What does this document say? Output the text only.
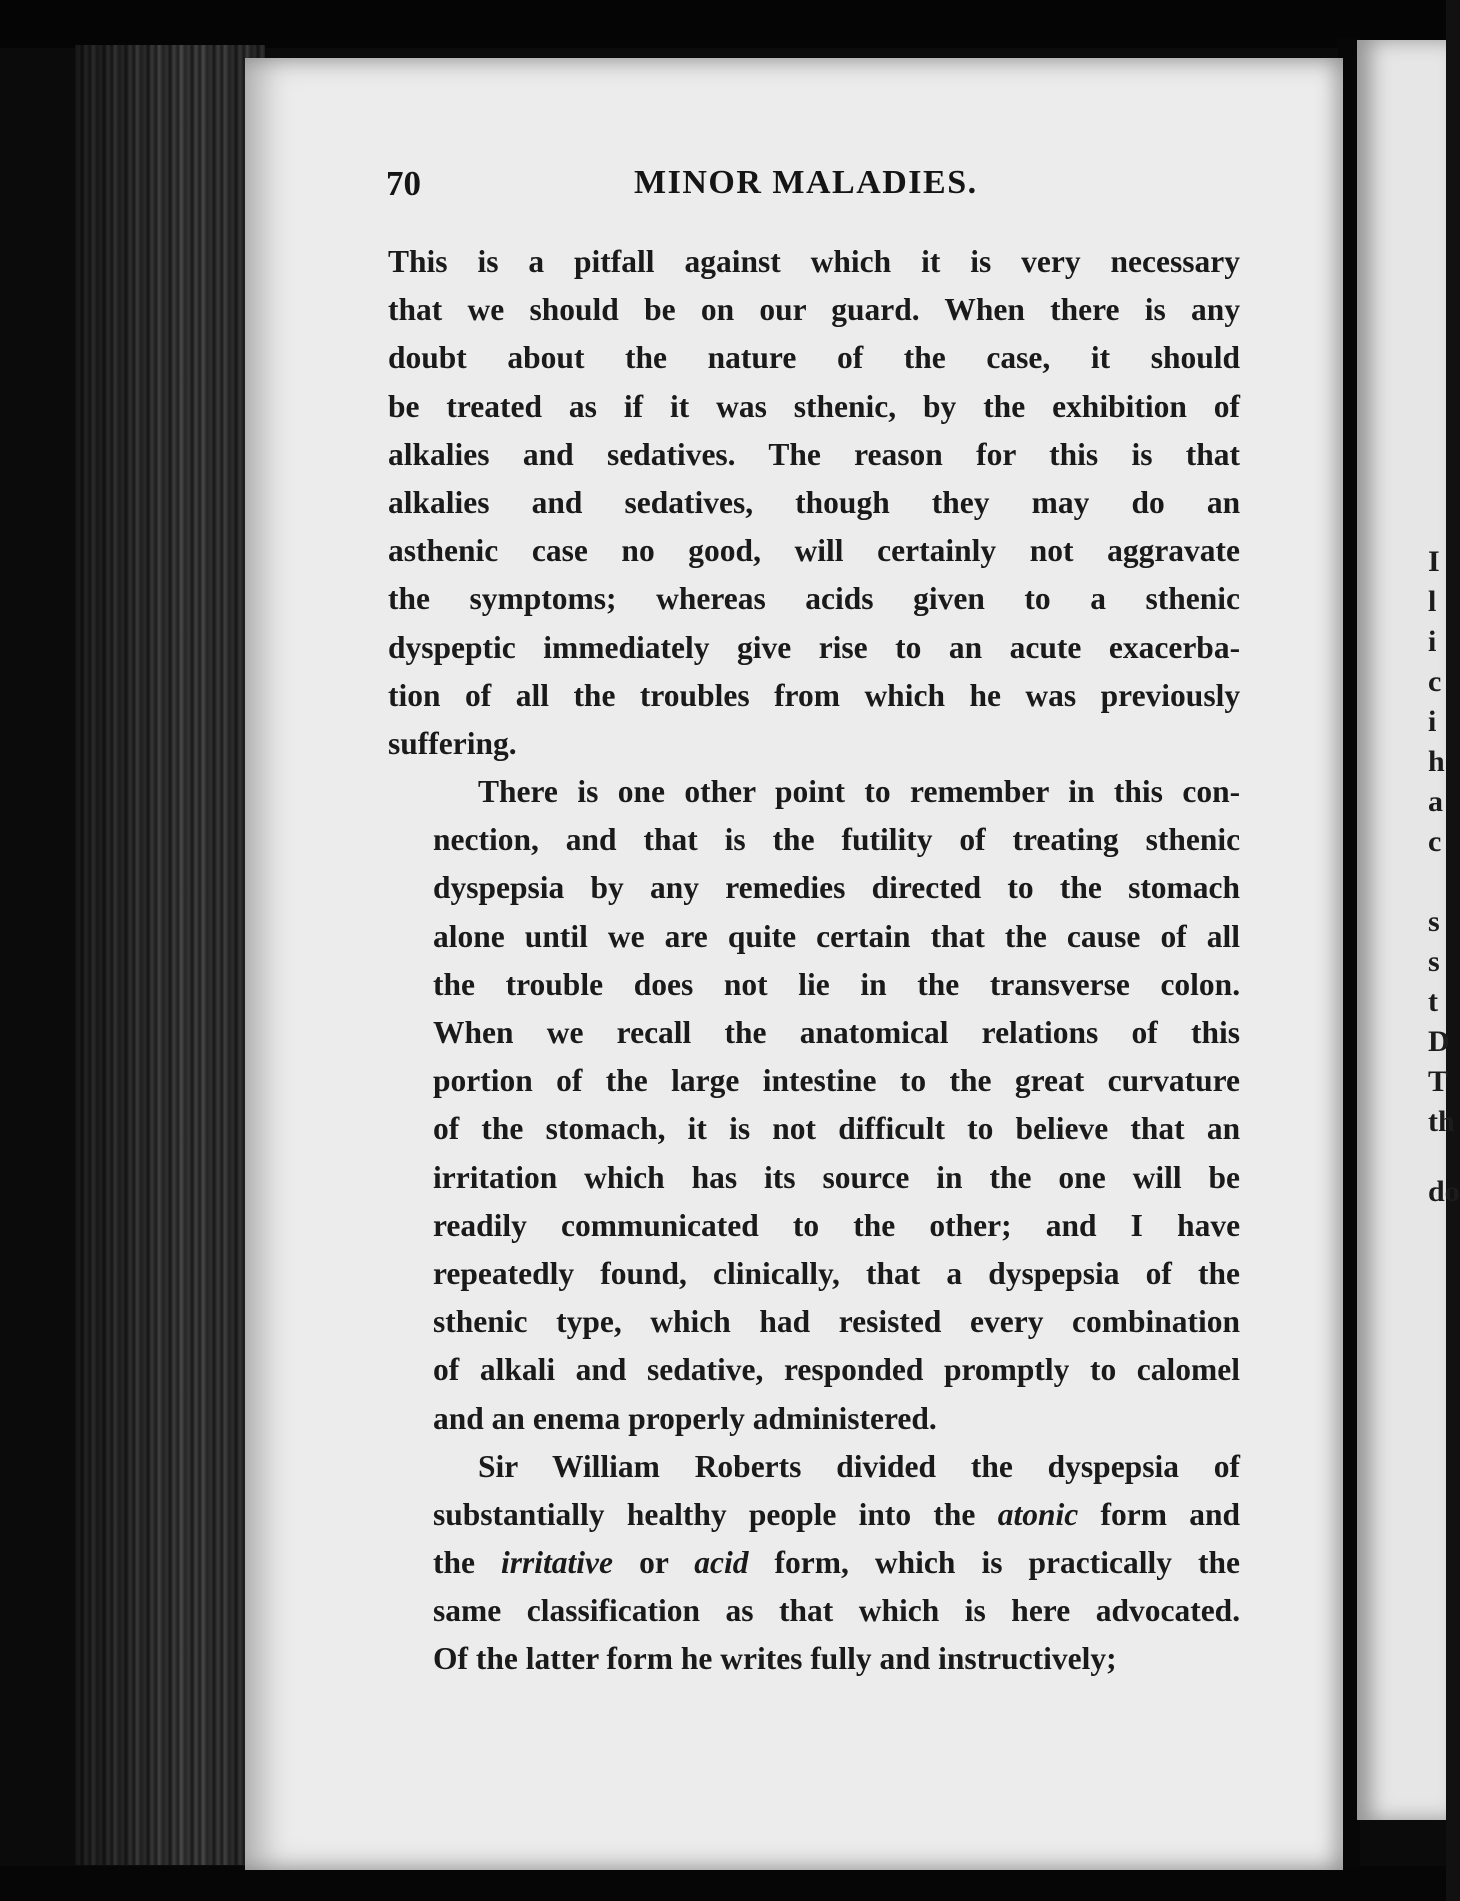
I
l
i
c
i
h
a
c
s
s
t
D
T
th
do
70	MINOR MALADIES.
This is a pitfall against which it is very necessary
that we should be on our guard. When there is any
doubt about the nature of the case, it should
be treated as if it was sthenic, by the exhibition of
alkalies and sedatives. The reason for this is that
alkalies and sedatives, though they may do an
asthenic case no good, will certainly not aggravate
the symptoms; whereas acids given to a sthenic
dyspeptic immediately give rise to an acute exacerba-
tion of all the troubles from which he was previously
suffering.
There is one other point to remember in this con-
nection, and that is the futility of treating sthenic
dyspepsia by any remedies directed to the stomach
alone until we are quite certain that the cause of all
the trouble does not lie in the transverse colon.
When we recall the anatomical relations of this
portion of the large intestine to the great curvature
of the stomach, it is not difficult to believe that an
irritation which has its source in the one will be
readily communicated to the other; and I have
repeatedly found, clinically, that a dyspepsia of the
sthenic type, which had resisted every combination
of alkali and sedative, responded promptly to calomel
and an enema properly administered.
Sir William Roberts divided the dyspepsia of
substantially healthy people into the atonic form and
the irritative or acid form, which is practically the
same classification as that which is here advocated.
Of the latter form he writes fully and instructively;
